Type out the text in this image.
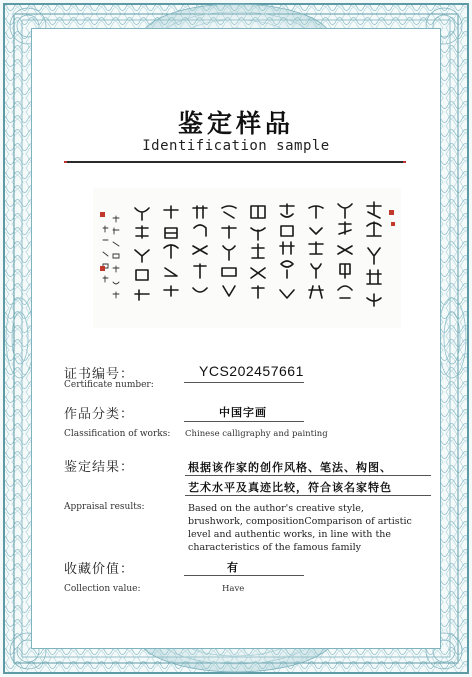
鉴定样品
Identification sample
证书编号：
Certificate number:
YCS202457661
作品分类：	中国字画
Classification of works: Chinese calligraphy and painting
鉴定结果：	根据该作家的创作风格、笔法、构图、
艺术水平及真迹比较，符合该名家特色
Appraisal results:	Based on the author's creative style,
brushwork, compositionComparison of artistic
level and authentic works, in line with the
characteristics of the famous family
收藏价值：	有
Collection value:	Have
